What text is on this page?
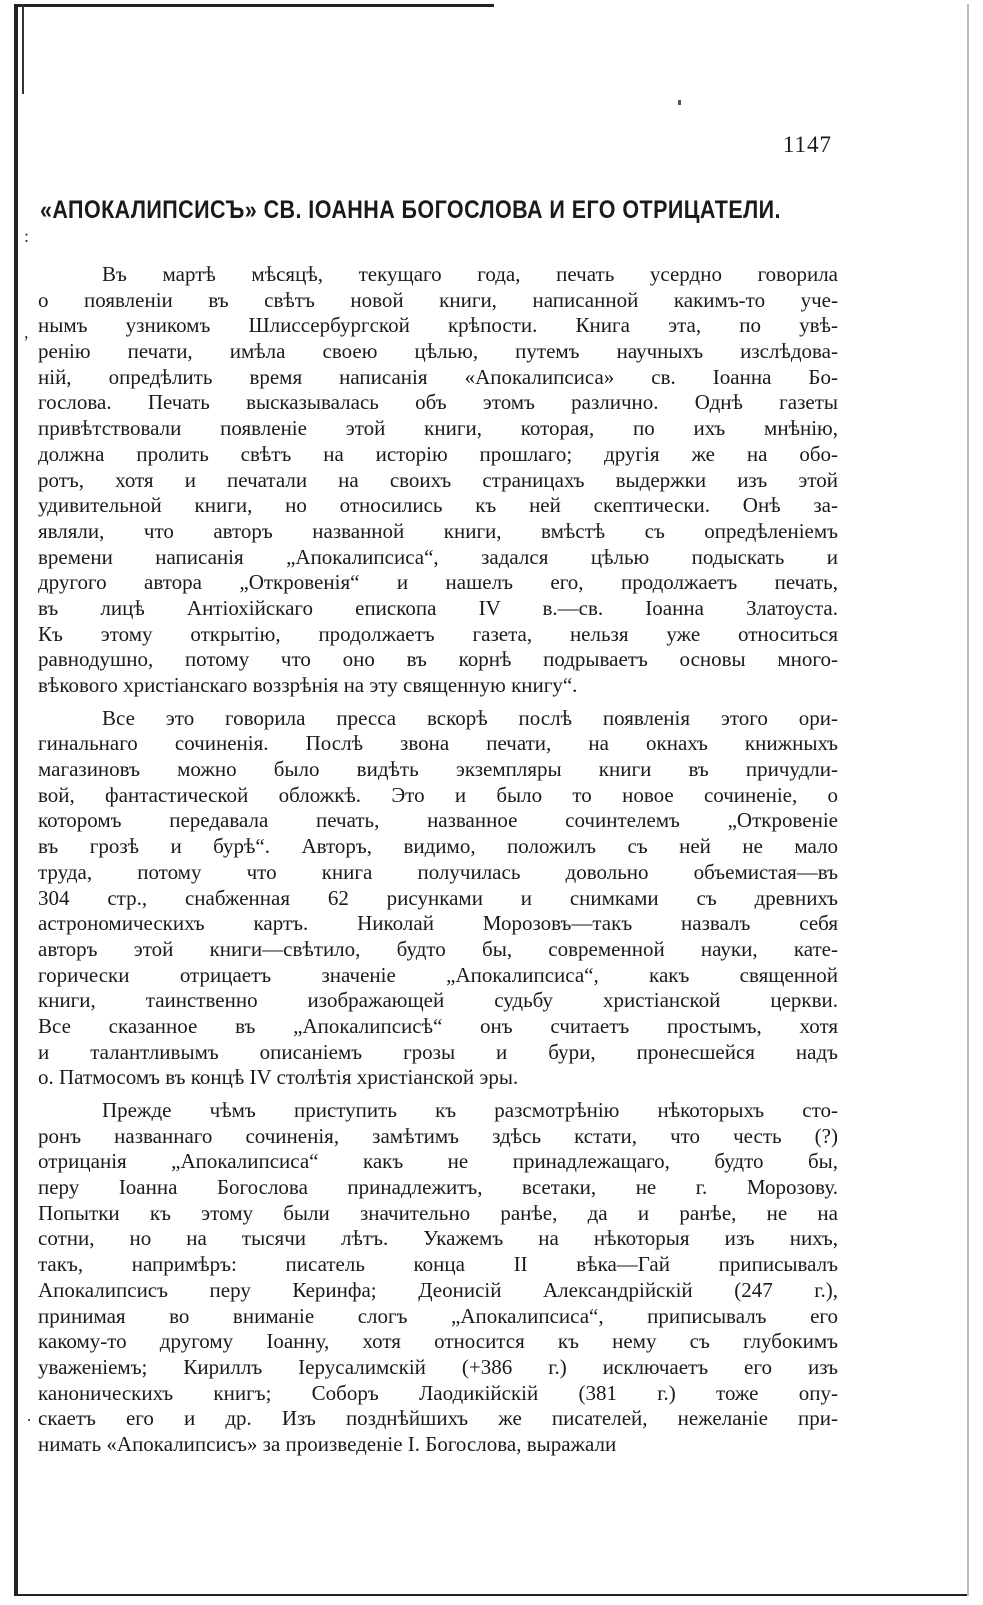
1147
«АПОКАЛИПСИСЪ» СВ. ІОАННА БОГОСЛОВА И ЕГО ОТРИЦАТЕЛИ.
Въ мартѣ мѣсяцѣ, текущаго года, печать усердно говорила
о появленіи въ свѣтъ новой книги, написанной какимъ-то уче-
нымъ узникомъ Шлиссербургской крѣпости. Книга эта, по увѣ-
ренію печати, имѣла своею цѣлью, путемъ научныхъ изслѣдова-
ній, опредѣлить время написанія «Апокалипсиса» св. Іоанна Бо-
гослова. Печать высказывалась объ этомъ различно. Однѣ газеты
привѣтствовали появленіе этой книги, которая, по ихъ мнѣнію,
должна пролить свѣтъ на исторію прошлаго; другія же на обо-
ротъ, хотя и печатали на своихъ страницахъ выдержки изъ этой
удивительной книги, но относились къ ней скептически. Онѣ за-
являли, что авторъ названной книги, вмѣстѣ съ опредѣленіемъ
времени написанія „Апокалипсиса“, задался цѣлью подыскать и
другого автора „Откровенія“ и нашелъ его, продолжаетъ печать,
въ лицѣ Антіохійскаго епископа IV в.—св. Іоанна Златоуста.
Къ этому открытію, продолжаетъ газета, нельзя уже относиться
равнодушно, потому что оно въ корнѣ подрываетъ основы много-
вѣкового христіанскаго воззрѣнія на эту священную книгу“.
Все это говорила пресса вскорѣ послѣ появленія этого ори-
гинальнаго сочиненія. Послѣ звона печати, на окнахъ книжныхъ
магазиновъ можно было видѣть экземпляры книги въ причудли-
вой, фантастической обложкѣ. Это и было то новое сочиненіе, о
которомъ передавала печать, названное сочинтелемъ „Откровеніе
въ грозѣ и бурѣ“. Авторъ, видимо, положилъ съ ней не мало
труда, потому что книга получилась довольно объемистая—въ
304 стр., снабженная 62 рисунками и снимками съ древнихъ
астрономическихъ картъ. Николай Морозовъ—такъ назвалъ себя
авторъ этой книги—свѣтило, будто бы, современной науки, кате-
горически отрицаетъ значеніе „Апокалипсиса“, какъ священной
книги, таинственно изображающей судьбу христіанской церкви.
Все сказанное въ „Апокалипсисѣ“ онъ считаетъ простымъ, хотя
и талантливымъ описаніемъ грозы и бури, пронесшейся надъ
о. Патмосомъ въ концѣ IV столѣтія христіанской эры.
Прежде чѣмъ приступить къ разсмотрѣнію нѣкоторыхъ сто-
ронъ названнаго сочиненія, замѣтимъ здѣсь кстати, что честь (?)
отрицанія „Апокалипсиса“ какъ не принадлежащаго, будто бы,
перу Іоанна Богослова принадлежитъ, всетаки, не г. Морозову.
Попытки къ этому были значительно ранѣе, да и ранѣе, не на
сотни, но на тысячи лѣтъ. Укажемъ на нѣкоторыя изъ нихъ,
такъ, напримѣръ: писатель конца II вѣка—Гай приписывалъ
Апокалипсисъ перу Керинфа; Деонисій Александрійскій (247 г.),
принимая во вниманіе слогъ „Апокалипсиса“, приписывалъ его
какому-то другому Іоанну, хотя относится къ нему съ глубокимъ
уваженіемъ; Кириллъ Іерусалимскій (+386 г.) исключаетъ его изъ
каноническихъ книгъ; Соборъ Лаодикійскій (381 г.) тоже опу-
скаетъ его и др. Изъ позднѣйшихъ же писателей, нежеланіе при-
нимать «Апокалипсисъ» за произведеніе I. Богослова, выражали
,
:
·
